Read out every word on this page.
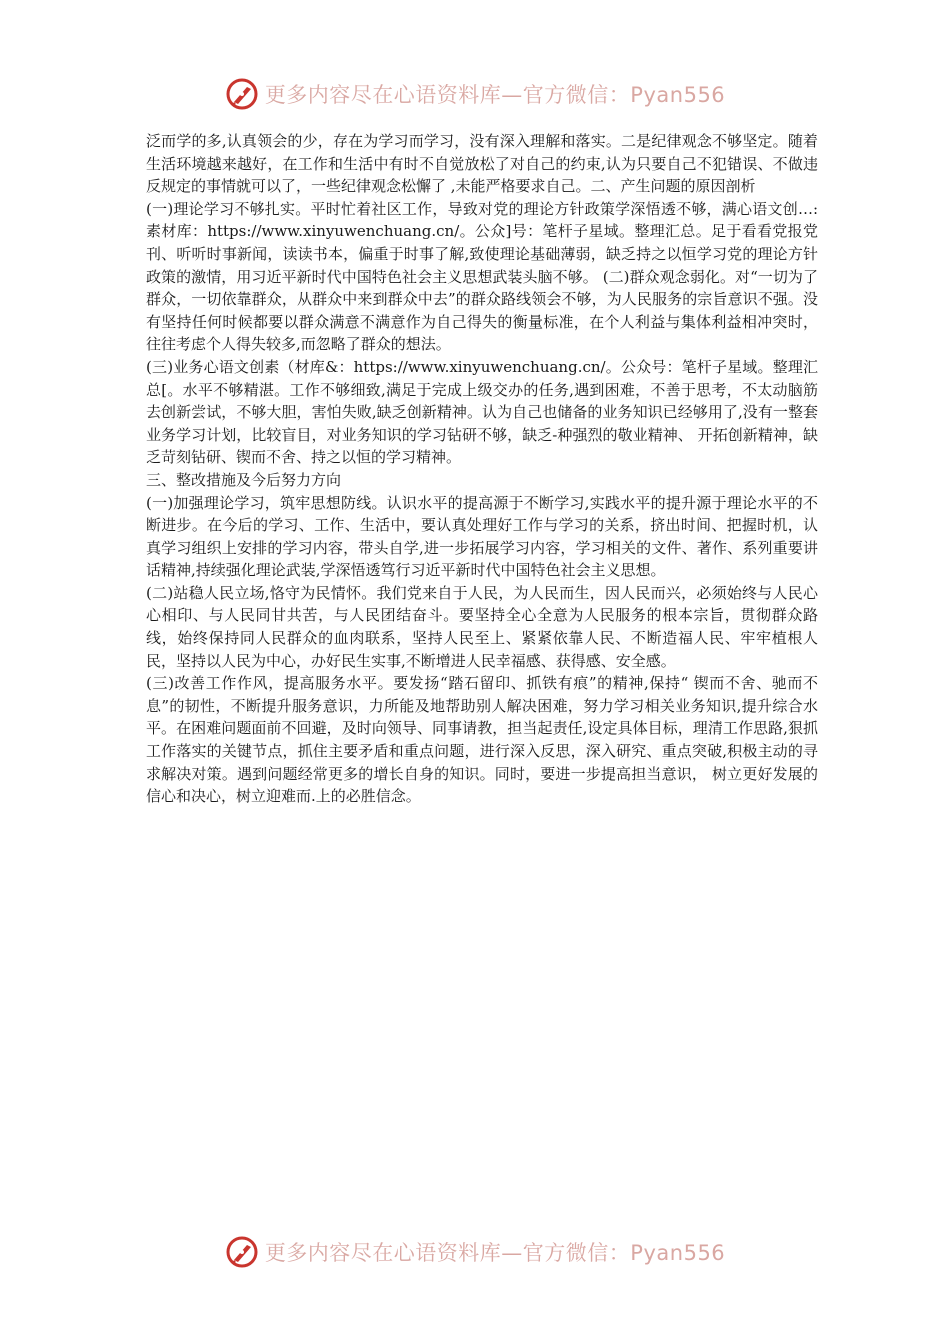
更多内容尽在心语资料库—官方微信：Pyan556

泛而学的多,认真领会的少，存在为学习而学习，没有深入理解和落实。二是纪律观念不够坚定。随着生活环境越来越好，在工作和生活中有时不自觉放松了对自己的约束,认为只要自己不犯错误、不做违反规定的事情就可以了，一些纪律观念松懈了 ,未能严格要求自己。二、产生问题的原因剖析

(一)理论学习不够扎实。平时忙着社区工作，导致对党的理论方针政策学深悟透不够，满心语文创…:素材库：https://www.xinyuwenchuang.cn/。公众]号：笔杆子星域。整理汇总。足于看看党报党刊、听听时事新闻，读读书本，偏重于时事了解,致使理论基础薄弱，缺乏持之以恒学习党的理论方针政策的激情，用习近平新时代中国特色社会主义思想武装头脑不够。 (二)群众观念弱化。对“一切为了群众，一切依靠群众，从群众中来到群众中去”的群众路线领会不够，为人民服务的宗旨意识不强。没有坚持任何时候都要以群众满意不满意作为自己得失的衡量标准，在个人利益与集体利益相冲突时，往往考虑个人得失较多,而忽略了群众的想法。

(三)业务心语文创素（材库&：https://www.xinyuwenchuang.cn/。公众号：笔杆子星域。整理汇总[。水平不够精湛。工作不够细致,满足于完成上级交办的任务,遇到困难，不善于思考，不太动脑筋去创新尝试，不够大胆，害怕失败,缺乏创新精神。认为自己也储备的业务知识已经够用了,没有一整套业务学习计划，比较盲目，对业务知识的学习钻研不够，缺乏-种强烈的敬业精神、 开拓创新精神，缺乏苛刻钻研、锲而不舍、持之以恒的学习精神。

三、整改措施及今后努力方向

(一)加强理论学习，筑牢思想防线。认识水平的提高源于不断学习,实践水平的提升源于理论水平的不断进步。在今后的学习、工作、生活中，要认真处理好工作与学习的关系，挤出时间、把握时机，认真学习组织上安排的学习内容，带头自学,进一步拓展学习内容，学习相关的文件、著作、系列重要讲话精神,持续强化理论武装,学深悟透笃行习近平新时代中国特色社会主义思想。

(二)站稳人民立场,恪守为民情怀。我们党来自于人民，为人民而生，因人民而兴，必须始终与人民心心相印、与人民同甘共苦，与人民团结奋斗。要坚持全心全意为人民服务的根本宗旨，贯彻群众路线，始终保持同人民群众的血肉联系，坚持人民至上、紧紧依靠人民、不断造福人民、牢牢植根人民，坚持以人民为中心，办好民生实事,不断增进人民幸福感、获得感、安全感。

(三)改善工作作风，提高服务水平。要发扬“踏石留印、抓铁有痕”的精神,保持“ 锲而不舍、驰而不息”的韧性，不断提升服务意识，力所能及地帮助别人解决困难，努力学习相关业务知识,提升综合水平。在困难问题面前不回避，及时向领导、同事请教，担当起责任,设定具体目标，理清工作思路,狠抓工作落实的关键节点，抓住主要矛盾和重点问题，进行深入反思，深入研究、重点突破,积极主动的寻求解决对策。遇到问题经常更多的增长自身的知识。同时，要进一步提高担当意识， 树立更好发展的信心和决心，树立迎难而.上的必胜信念。

更多内容尽在心语资料库—官方微信：Pyan556
